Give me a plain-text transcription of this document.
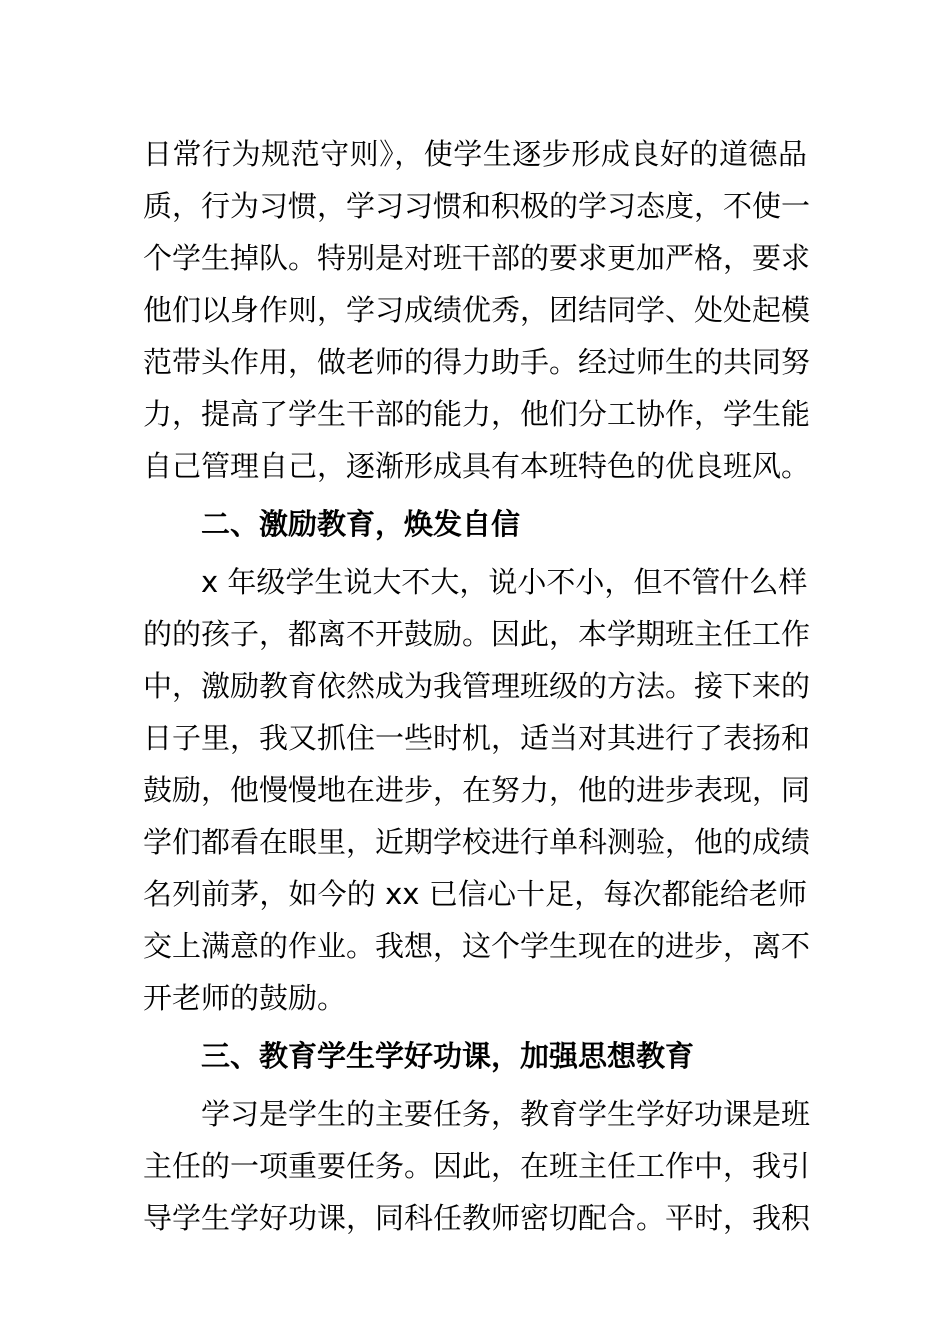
日常行为规范守则》，使学生逐步形成良好的道德品
质，行为习惯，学习习惯和积极的学习态度，不使一
个学生掉队。特别是对班干部的要求更加严格，要求
他们以身作则，学习成绩优秀，团结同学、处处起模
范带头作用，做老师的得力助手。经过师生的共同努
力，提高了学生干部的能力，他们分工协作，学生能
自己管理自己，逐渐形成具有本班特色的优良班风。
二、激励教育，焕发自信
x 年级学生说大不大，说小不小，但不管什么样
的的孩子，都离不开鼓励。因此，本学期班主任工作
中，激励教育依然成为我管理班级的方法。接下来的
日子里，我又抓住一些时机，适当对其进行了表扬和
鼓励，他慢慢地在进步，在努力，他的进步表现，同
学们都看在眼里，近期学校进行单科测验，他的成绩
名列前茅，如今的 xx 已信心十足，每次都能给老师
交上满意的作业。我想，这个学生现在的进步，离不
开老师的鼓励。
三、教育学生学好功课，加强思想教育
学习是学生的主要任务，教育学生学好功课是班
主任的一项重要任务。因此，在班主任工作中，我引
导学生学好功课，同科任教师密切配合。平时，我积
